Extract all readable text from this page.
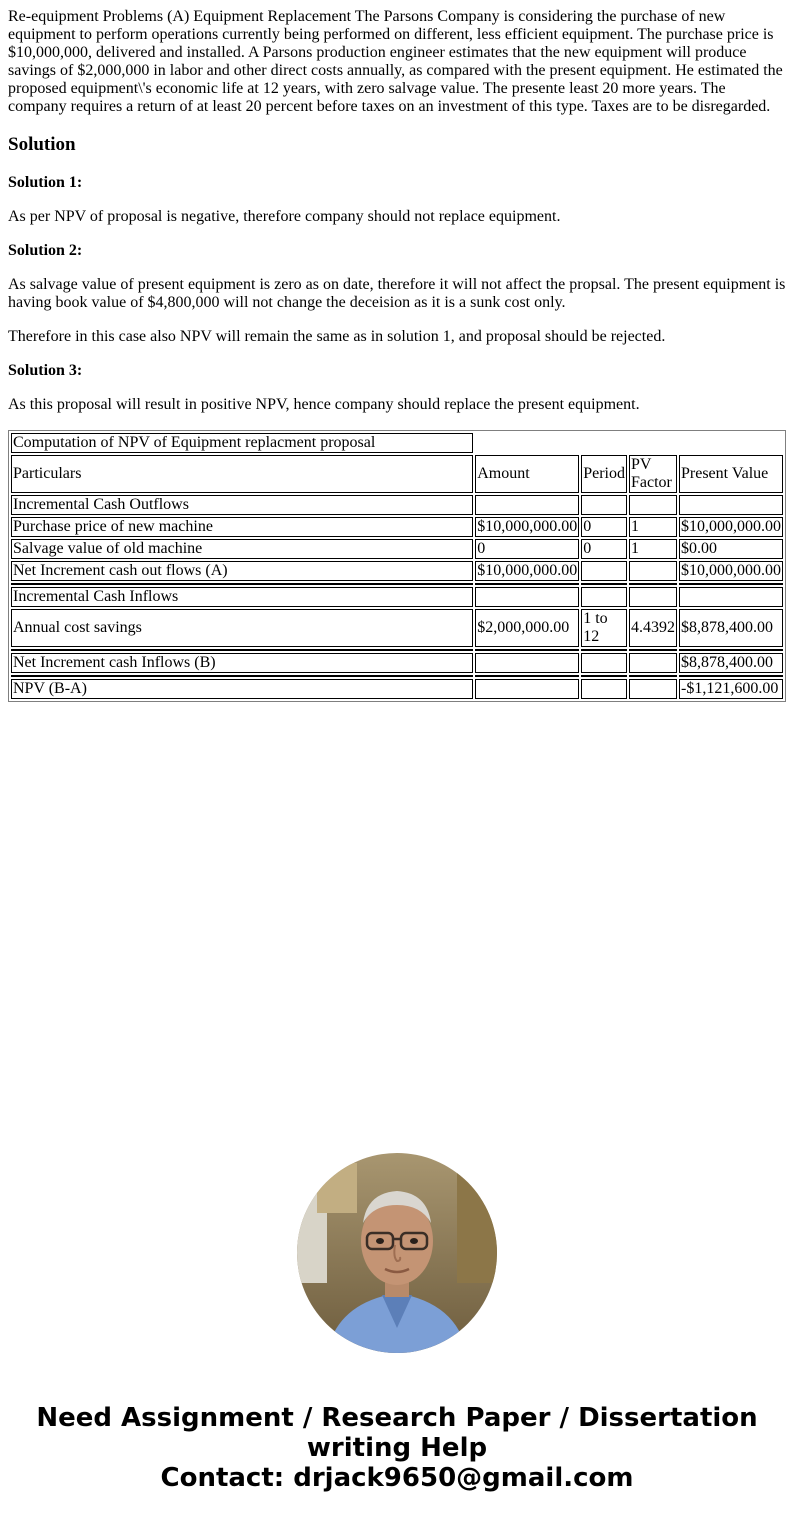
Re-equipment Problems (A) Equipment Replacement The Parsons Company is considering the purchase of new equipment to perform operations currently being performed on different, less efficient equipment. The purchase price is $10,000,000, delivered and installed. A Parsons production engineer estimates that the new equipment will produce savings of $2,000,000 in labor and other direct costs annually, as compared with the present equipment. He estimated the proposed equipment\'s economic life at 12 years, with zero salvage value. The presente least 20 more years. The company requires a return of at least 20 percent before taxes on an investment of this type. Taxes are to be disregarded.

Solution

Solution 1:

As per NPV of proposal is negative, therefore company should not replace equipment.

Solution 2:

As salvage value of present equipment is zero as on date, therefore it will not affect the propsal. The present equipment is having book value of $4,800,000 will not change the deceision as it is a sunk cost only.

Therefore in this case also NPV will remain the same as in solution 1, and proposal should be rejected.

Solution 3:

As this proposal will result in positive NPV, hence company should replace the present equipment.

Computation of NPV of Equipment replacment proposal				
Particulars	Amount	Period	PV Factor	Present Value
Incremental Cash Outflows				
Purchase price of new machine	$10,000,000.00	0	1	$10,000,000.00
Salvage value of old machine	0	0	1	$0.00
Net Increment cash out flows (A)	$10,000,000.00			$10,000,000.00

Incremental Cash Inflows				
Annual cost savings	$2,000,000.00	1 to 12	4.4392	$8,878,400.00

Net Increment cash Inflows (B)				$8,878,400.00

NPV (B-A)				-$1,121,600.00
Need Assignment / Research Paper / Dissertation
writing Help
Contact: drjack9650@gmail.com
